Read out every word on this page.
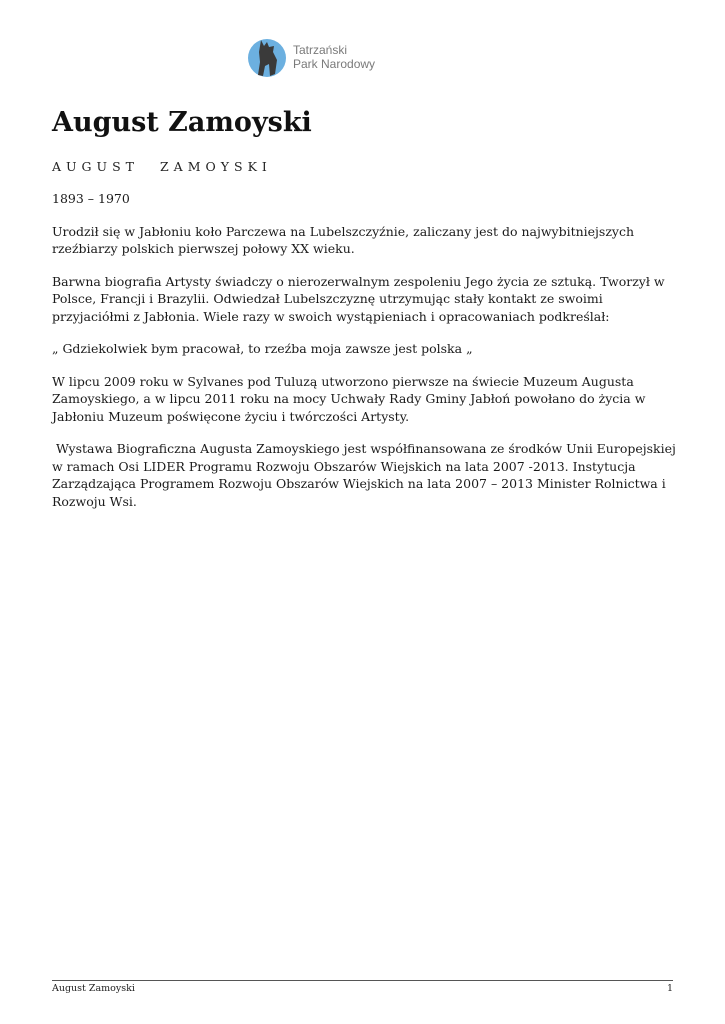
Tatrzański
Park Narodowy
August Zamoyski
AUGUST	ZAMOYSKI

1893 – 1970

Urodził się w Jabłoniu koło Parczewa na Lubelszczyźnie, zaliczany jest do najwybitniejszych rzeźbiarzy polskich pierwszej połowy XX wieku.

Barwna biografia Artysty świadczy o nierozerwalnym zespoleniu Jego życia ze sztuką. Tworzył w Polsce, Francji i Brazylii. Odwiedzał Lubelszczyznę utrzymując stały kontakt ze swoimi przyjaciółmi z Jabłonia. Wiele razy w swoich wystąpieniach i opracowaniach podkreślał:

„ Gdziekolwiek bym pracował, to rzeźba moja zawsze jest polska „

W lipcu 2009 roku w Sylvanes pod Tuluzą utworzono pierwsze na świecie Muzeum Augusta Zamoyskiego, a w lipcu 2011 roku na mocy Uchwały Rady Gminy Jabłoń powołano do życia w Jabłoniu Muzeum poświęcone życiu i twórczości Artysty.

Wystawa Biograficzna Augusta Zamoyskiego jest współfinansowana ze środków Unii Europejskiej w ramach Osi LIDER Programu Rozwoju Obszarów Wiejskich na lata 2007 -2013. Instytucja Zarządzająca Programem Rozwoju Obszarów Wiejskich na lata 2007 – 2013 Minister Rolnictwa i Rozwoju Wsi.

August Zamoyski	1
